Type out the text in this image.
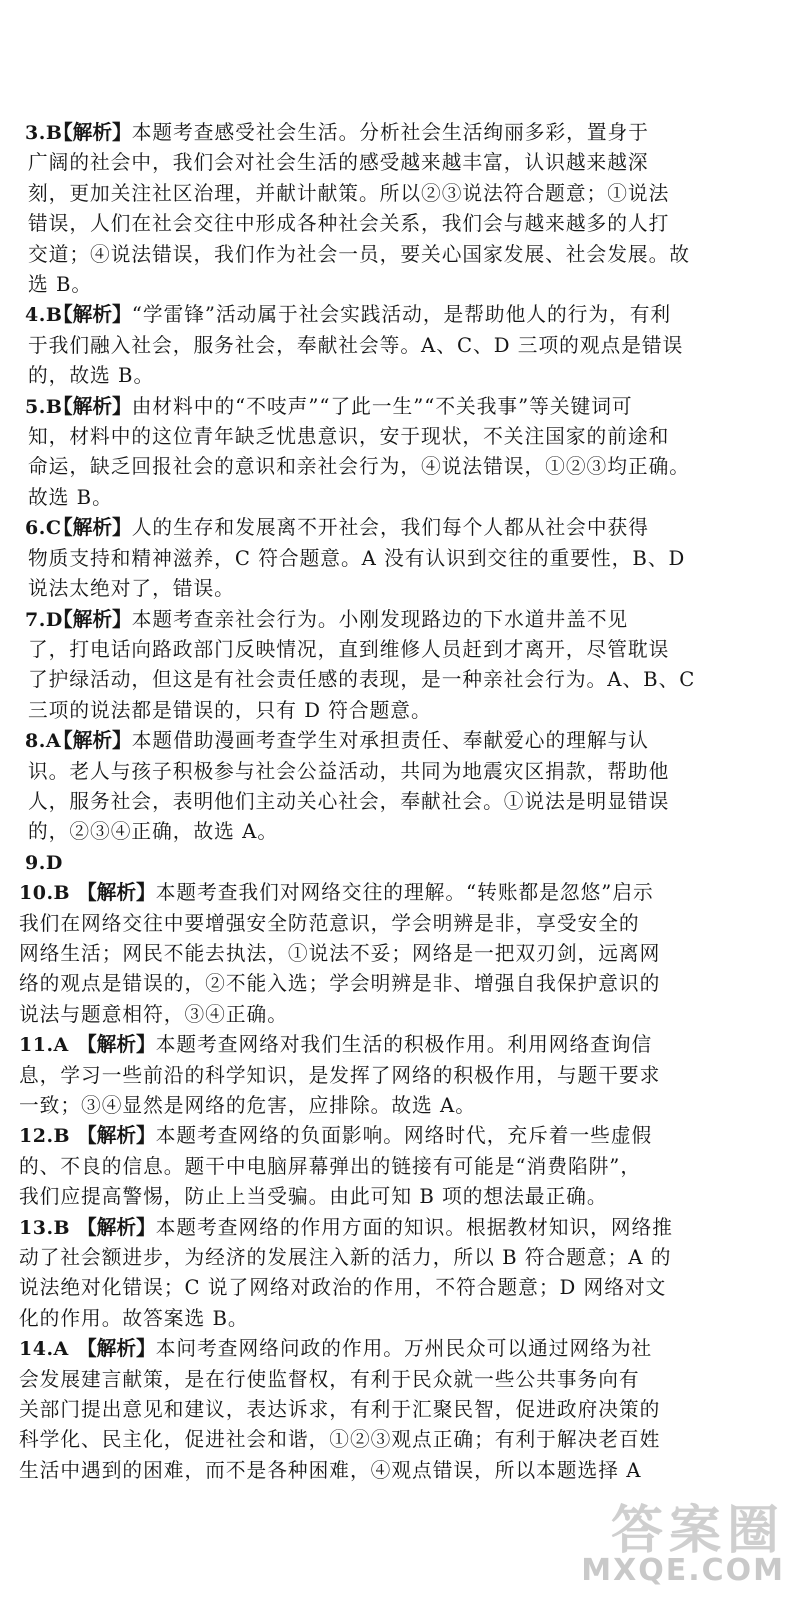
3.B
【解析】本题考查感受社会生活。分析社会生活绚丽多彩，置身于
广阔的社会中，我们会对社会生活的感受越来越丰富，认识越来越深
刻，更加关注社区治理，并献计献策。所以②③说法符合题意；①说法
错误，人们在社会交往中形成各种社会关系，我们会与越来越多的人打
交道；④说法错误，我们作为社会一员，要关心国家发展、社会发展。故
选 B。
4.B
【解析】“学雷锋”活动属于社会实践活动，是帮助他人的行为，有利
于我们融入社会，服务社会，奉献社会等。A、C、D 三项的观点是错误
的，故选 B。
5.B
【解析】由材料中的“不吱声”“了此一生”“不关我事”等关键词可
知，材料中的这位青年缺乏忧患意识，安于现状，不关注国家的前途和
命运，缺乏回报社会的意识和亲社会行为，④说法错误，①②③均正确。
故选 B。
6.C
【解析】人的生存和发展离不开社会，我们每个人都从社会中获得
物质支持和精神滋养，C 符合题意。A 没有认识到交往的重要性，B、D
说法太绝对了，错误。
7.D
【解析】本题考查亲社会行为。小刚发现路边的下水道井盖不见
了，打电话向路政部门反映情况，直到维修人员赶到才离开，尽管耽误
了护绿活动，但这是有社会责任感的表现，是一种亲社会行为。A、B、C
三项的说法都是错误的，只有 D 符合题意。
8.A
【解析】本题借助漫画考查学生对承担责任、奉献爱心的理解与认
识。老人与孩子积极参与社会公益活动，共同为地震灾区捐款，帮助他
人，服务社会，表明他们主动关心社会，奉献社会。①说法是明显错误
的，②③④正确，故选 A。
9.D

10.B 【解析】本题考查我们对网络交往的理解。“转账都是忽悠”启示
我们在网络交往中要增强安全防范意识，学会明辨是非，享受安全的
网络生活；网民不能去执法，①说法不妥；网络是一把双刃剑，远离网
络的观点是错误的，②不能入选；学会明辨是非、增强自我保护意识的
说法与题意相符，③④正确。
11.A 【解析】本题考查网络对我们生活的积极作用。利用网络查询信
息，学习一些前沿的科学知识，是发挥了网络的积极作用，与题干要求
一致；③④显然是网络的危害，应排除。故选 A。
12.B 【解析】本题考查网络的负面影响。网络时代，充斥着一些虚假
的、不良的信息。题干中电脑屏幕弹出的链接有可能是“消费陷阱”，
我们应提高警惕，防止上当受骗。由此可知 B 项的想法最正确。
13.B 【解析】本题考查网络的作用方面的知识。根据教材知识，网络推
动了社会额进步，为经济的发展注入新的活力，所以 B 符合题意；A 的
说法绝对化错误；C 说了网络对政治的作用，不符合题意；D 网络对文
化的作用。故答案选 B。
14.A 【解析】本问考查网络问政的作用。万州民众可以通过网络为社
会发展建言献策，是在行使监督权，有利于民众就一些公共事务向有
关部门提出意见和建议，表达诉求，有利于汇聚民智，促进政府决策的
科学化、民主化，促进社会和谐，①②③观点正确；有利于解决老百姓
生活中遇到的困难，而不是各种困难，④观点错误，所以本题选择 A
答案圈
MXQE.COM
